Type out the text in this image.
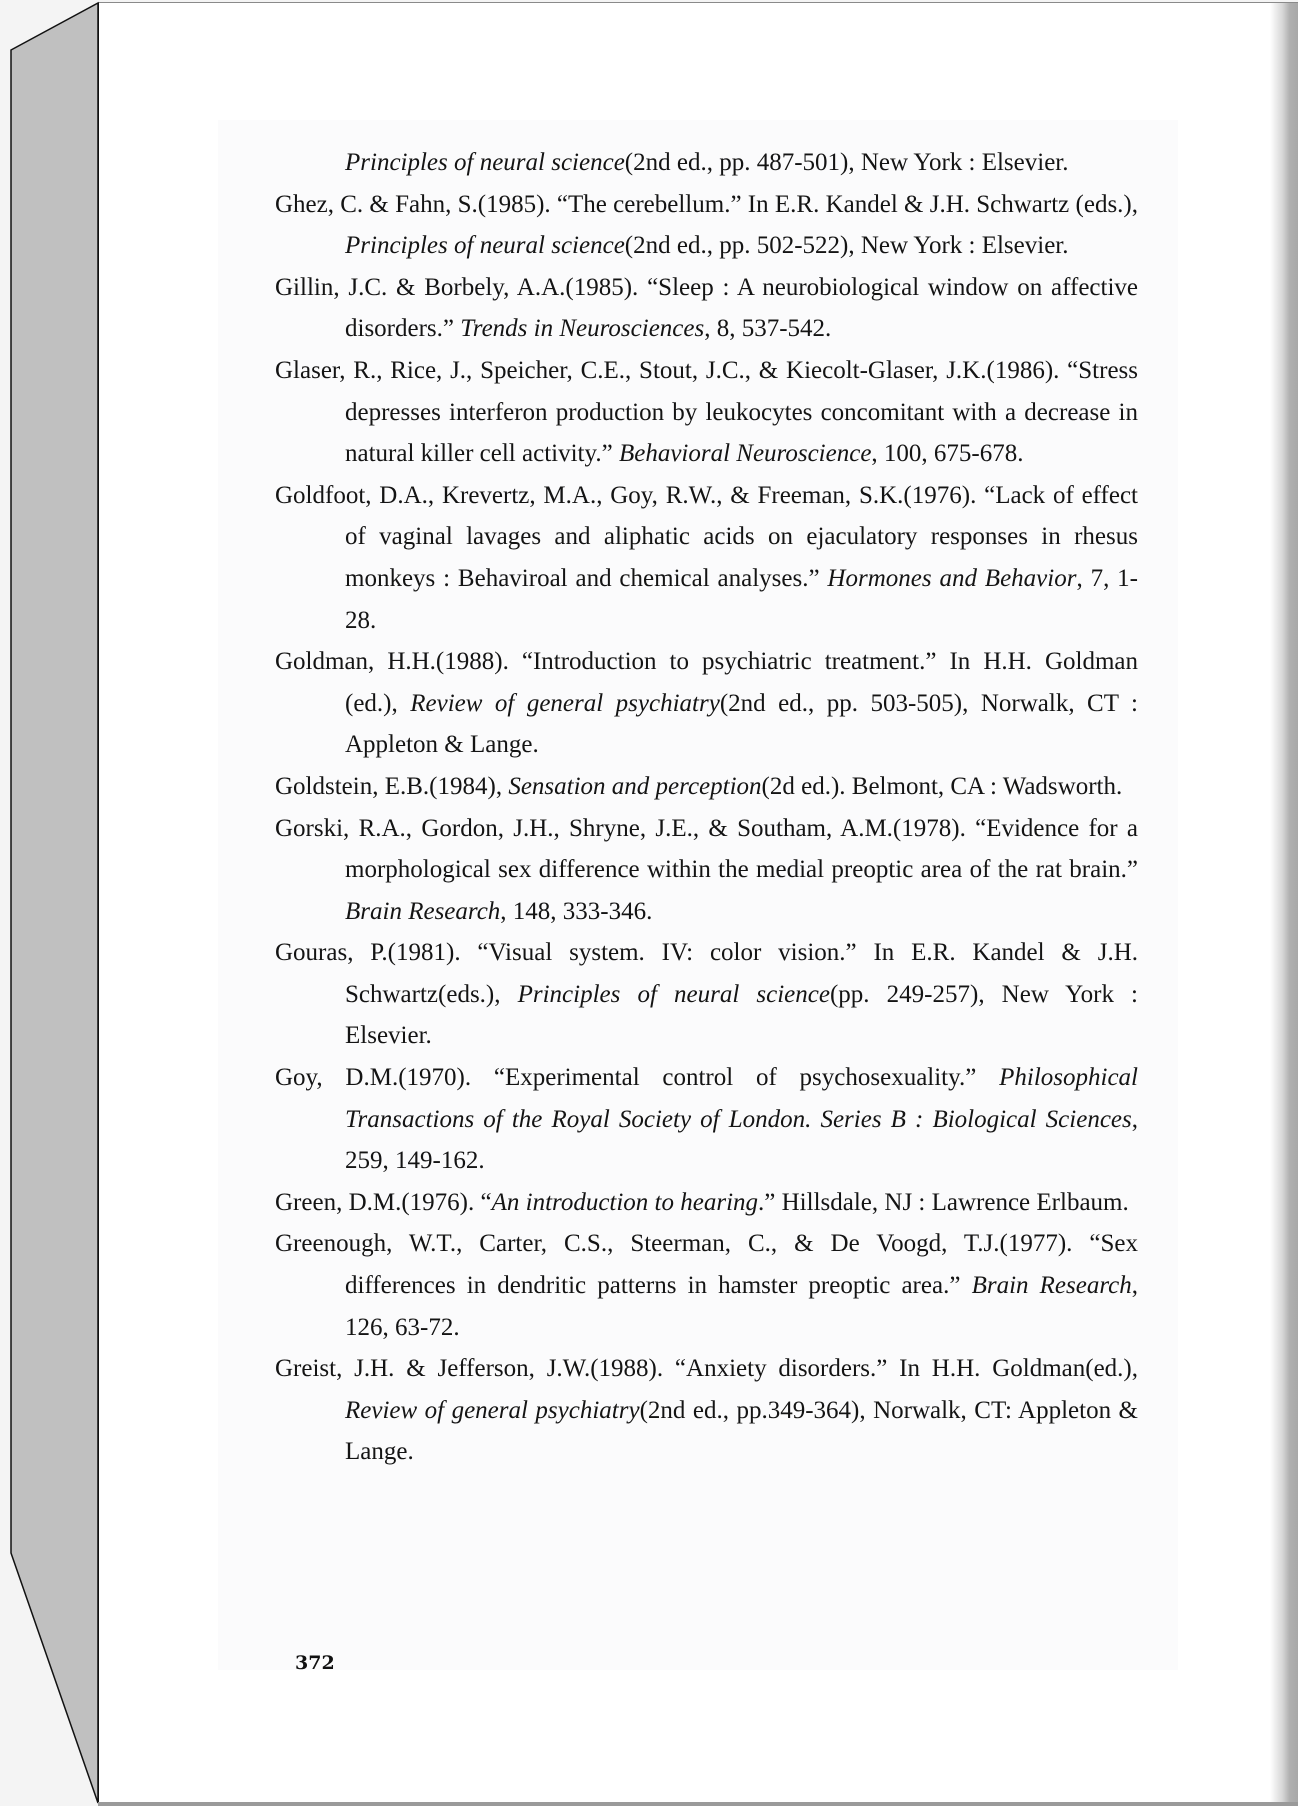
Principles of neural science(2nd ed., pp. 487-501), New York : Elsevier.
Ghez, C. & Fahn, S.(1985). “The cerebellum.” In E.R. Kandel & J.H. Schwartz (eds.), Principles of neural science(2nd ed., pp. 502-522), New York : Elsevier.
Gillin, J.C. & Borbely, A.A.(1985). “Sleep : A neurobiological window on affective disorders.” Trends in Neurosciences, 8, 537-542.
Glaser, R., Rice, J., Speicher, C.E., Stout, J.C., & Kiecolt-Glaser, J.K.(1986). “Stress depresses interferon production by leukocytes concomitant with a decrease in natural killer cell activity.” Behavioral Neuroscience, 100, 675-678.
Goldfoot, D.A., Krevertz, M.A., Goy, R.W., & Freeman, S.K.(1976). “Lack of effect of vaginal lavages and aliphatic acids on ejaculatory responses in rhesus monkeys : Behaviroal and chemical analyses.” Hormones and Behavior, 7, 1-28.
Goldman, H.H.(1988). “Introduction to psychiatric treatment.” In H.H. Goldman (ed.), Review of general psychiatry(2nd ed., pp. 503-505), Norwalk, CT : Appleton & Lange.
Goldstein, E.B.(1984), Sensation and perception(2d ed.). Belmont, CA : Wadsworth.
Gorski, R.A., Gordon, J.H., Shryne, J.E., & Southam, A.M.(1978). “Evidence for a morphological sex difference within the medial preoptic area of the rat brain.” Brain Research, 148, 333-346.
Gouras, P.(1981). “Visual system. IV: color vision.” In E.R. Kandel & J.H. Schwartz(eds.), Principles of neural science(pp. 249-257), New York : Elsevier.
Goy, D.M.(1970). “Experimental control of psychosexuality.” Philosophical Transactions of the Royal Society of London. Series B : Biological Sciences, 259, 149-162.
Green, D.M.(1976). “An introduction to hearing.” Hillsdale, NJ : Lawrence Erlbaum.
Greenough, W.T., Carter, C.S., Steerman, C., & De Voogd, T.J.(1977). “Sex differences in dendritic patterns in hamster preoptic area.” Brain Research, 126, 63-72.
Greist, J.H. & Jefferson, J.W.(1988). “Anxiety disorders.” In H.H. Goldman(ed.), Review of general psychiatry(2nd ed., pp.349-364), Norwalk, CT: Appleton & Lange.
372
